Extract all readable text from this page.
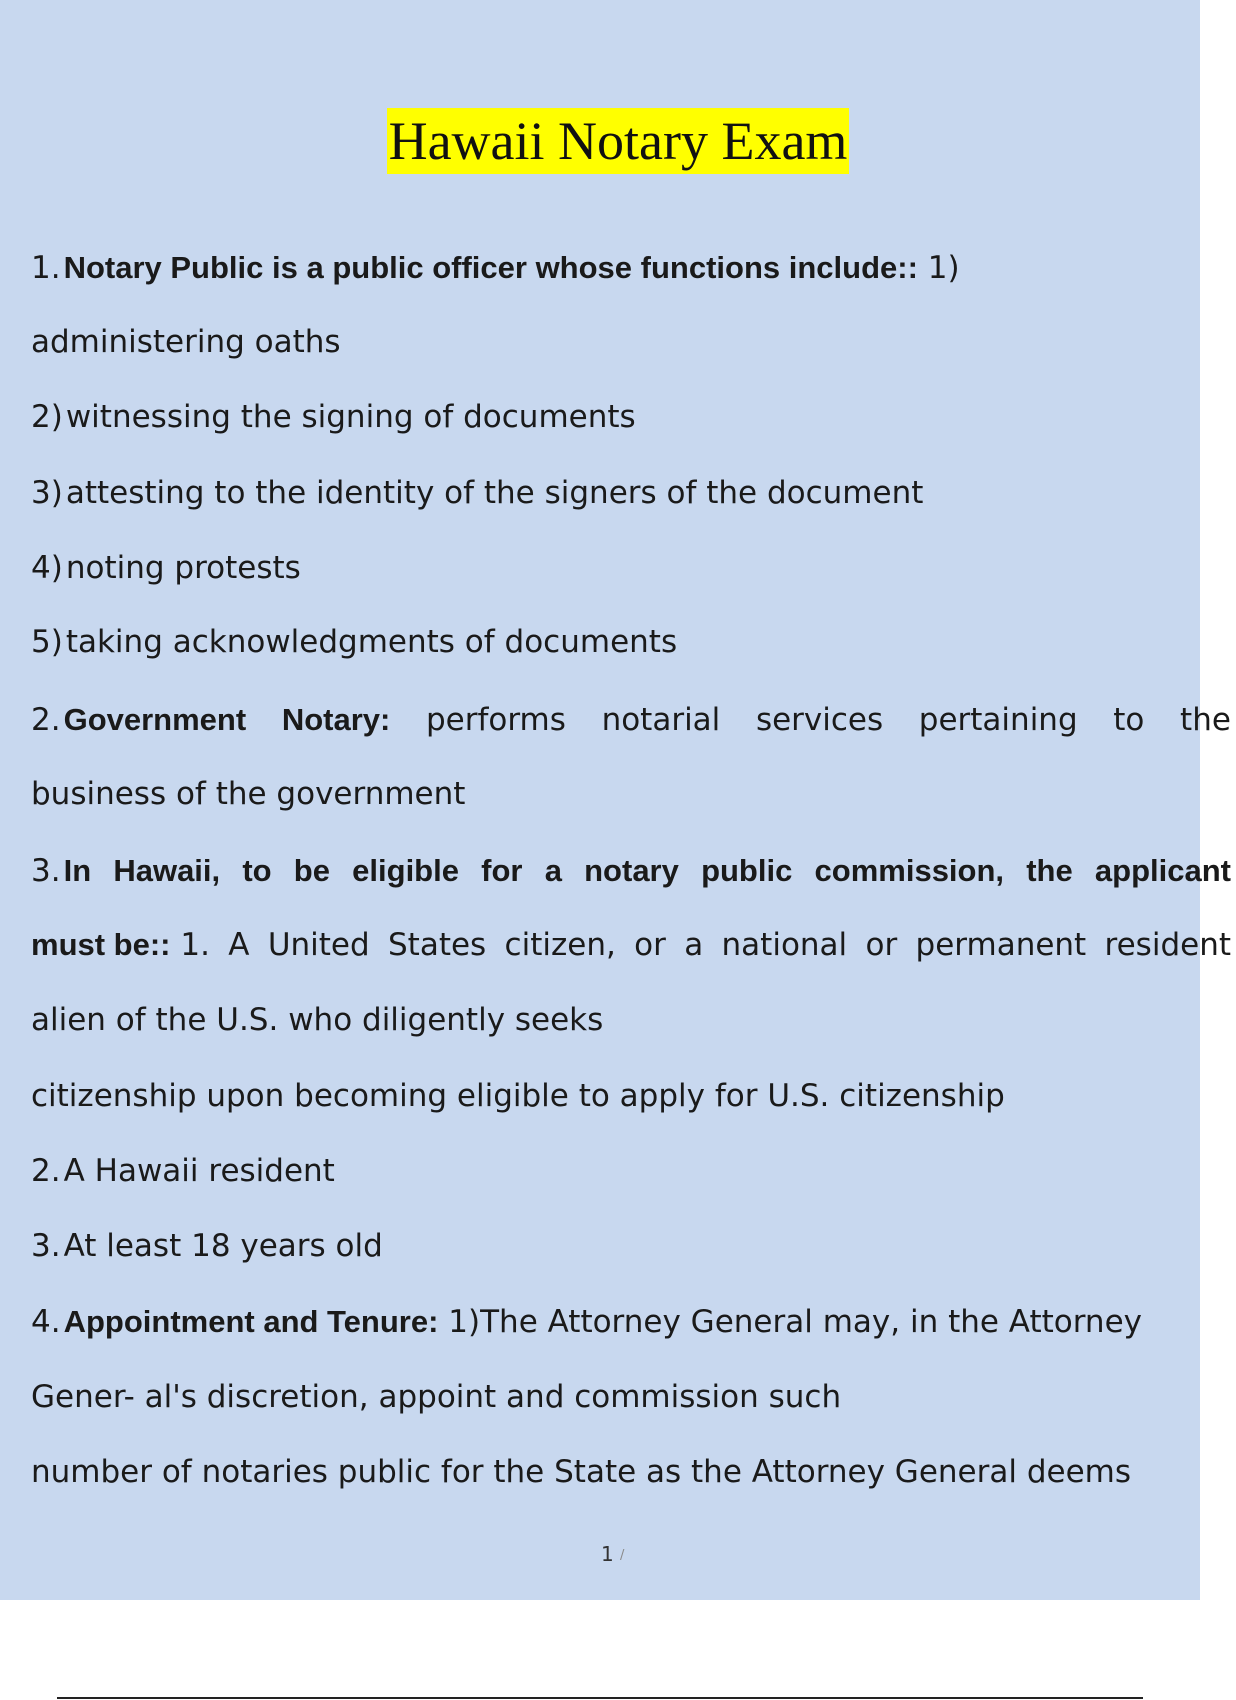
Hawaii Notary Exam
1.Notary Public is a public officer whose functions include:: 1)
administering oaths
2)witnessing the signing of documents
3)attesting to the identity of the signers of the document
4)noting protests
5)taking acknowledgments of documents
2.Government Notary: performs notarial services pertaining to the
business of the government
3.In Hawaii, to be eligible for a notary public commission, the applicant
must be:: 1. A United States citizen, or a national or permanent resident
alien of the U.S. who diligently seeks
citizenship upon becoming eligible to apply for U.S. citizenship
2.A Hawaii resident
3.At least 18 years old
4.Appointment and Tenure: 1)The Attorney General may, in the Attorney
Gener- al's discretion, appoint and commission such
number of notaries public for the State as the Attorney General deems
1 /
